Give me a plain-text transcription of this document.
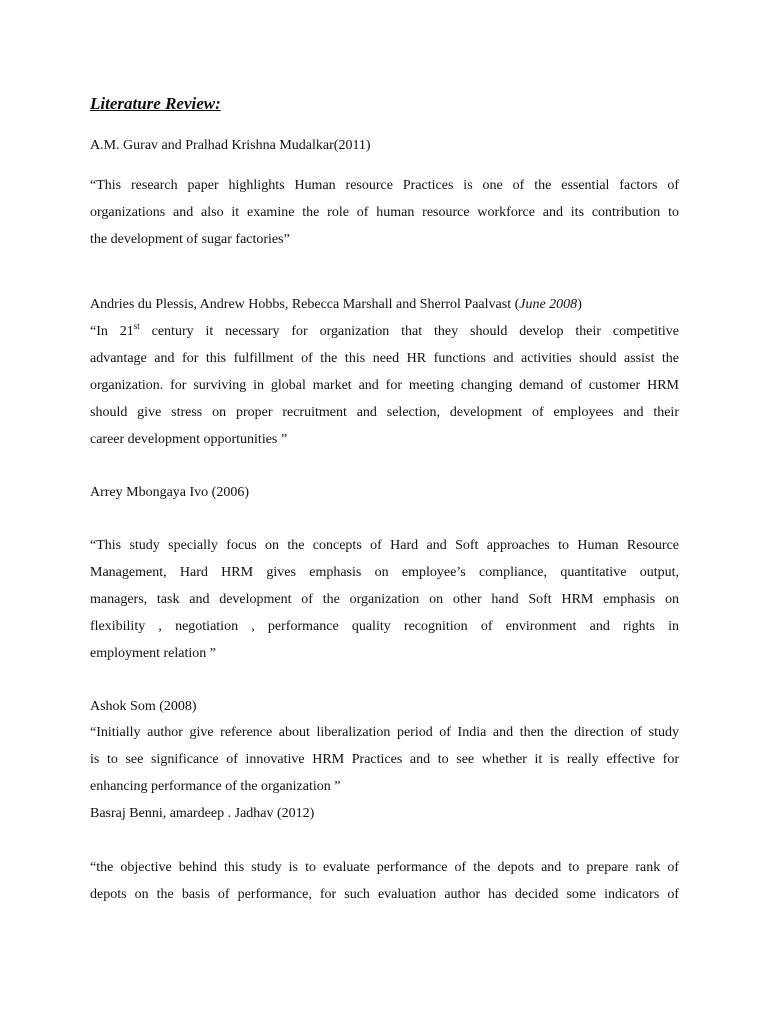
Literature Review:

A.M. Gurav and Pralhad Krishna Mudalkar(2011)

“This research paper highlights Human resource Practices is one of the essential factors of
organizations and also it examine the role of human resource workforce and its contribution to
the development of sugar factories”

Andries du Plessis, Andrew Hobbs, Rebecca Marshall and Sherrol Paalvast (June 2008)

“In 21st century it necessary for organization that they should develop their competitive
advantage and for this fulfillment of the this need HR functions and activities should assist the
organization. for surviving in global market and for meeting changing demand of customer HRM
should give stress on proper recruitment and selection, development of employees and their
career development opportunities ”

Arrey Mbongaya Ivo (2006)

“This study specially focus on the concepts of Hard and Soft approaches to Human Resource
Management, Hard HRM gives emphasis on employee’s compliance, quantitative output,
managers, task and development of the organization on other hand Soft HRM emphasis on
flexibility , negotiation , performance quality recognition of environment and rights in
employment relation ”

Ashok Som (2008)

“Initially author give reference about liberalization period of India and then the direction of study
is to see significance of innovative HRM Practices and to see whether it is really effective for
enhancing performance of the organization ”

Basraj Benni, amardeep . Jadhav (2012)

“the objective behind this study is to evaluate performance of the depots and to prepare rank of
depots on the basis of performance, for such evaluation author has decided some indicators of
